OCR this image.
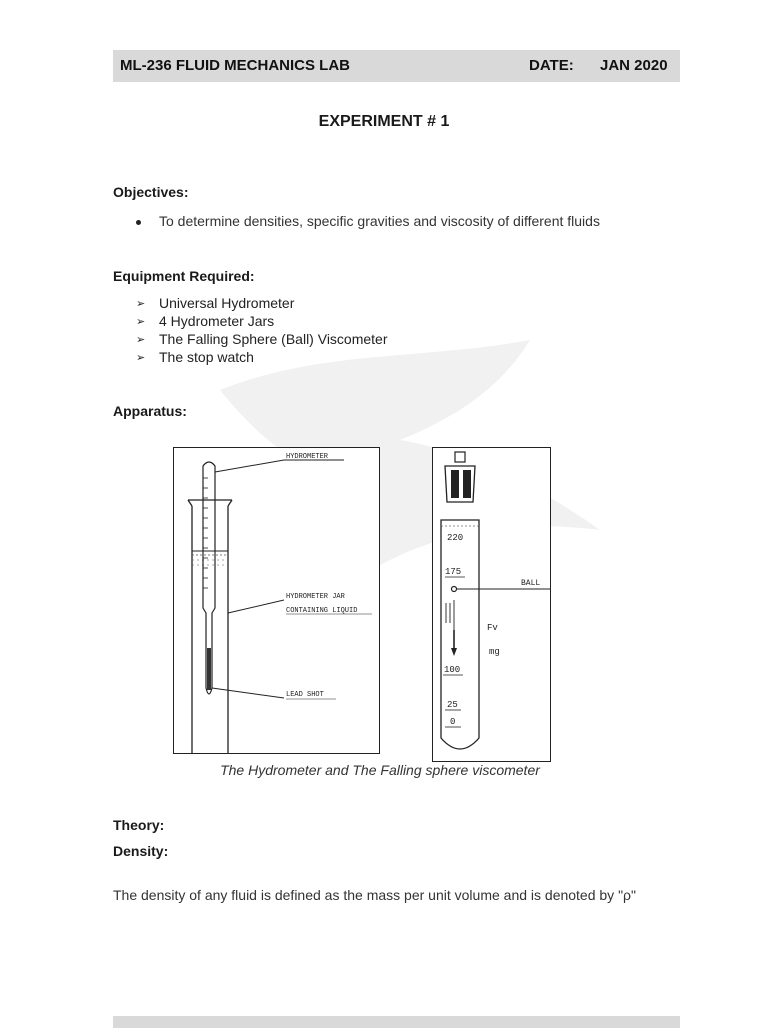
ML-236 FLUID MECHANICS LAB	DATE: JAN 2020
EXPERIMENT # 1
Objectives:
To determine densities, specific gravities and viscosity of different fluids
Equipment Required:
➢ Universal Hydrometer
➢ 4 Hydrometer Jars
➢ The Falling Sphere (Ball) Viscometer
➢ The stop watch
Apparatus:
HYDROMETER
HYDROMETER JAR
CONTAINING LIQUID
LEAD SHOT
220
175
BALL
Fv
mg
100
25
0
The Hydrometer and The Falling sphere viscometer
Theory:
Density:
The density of any fluid is defined as the mass per unit volume and is denoted by "ρ"
